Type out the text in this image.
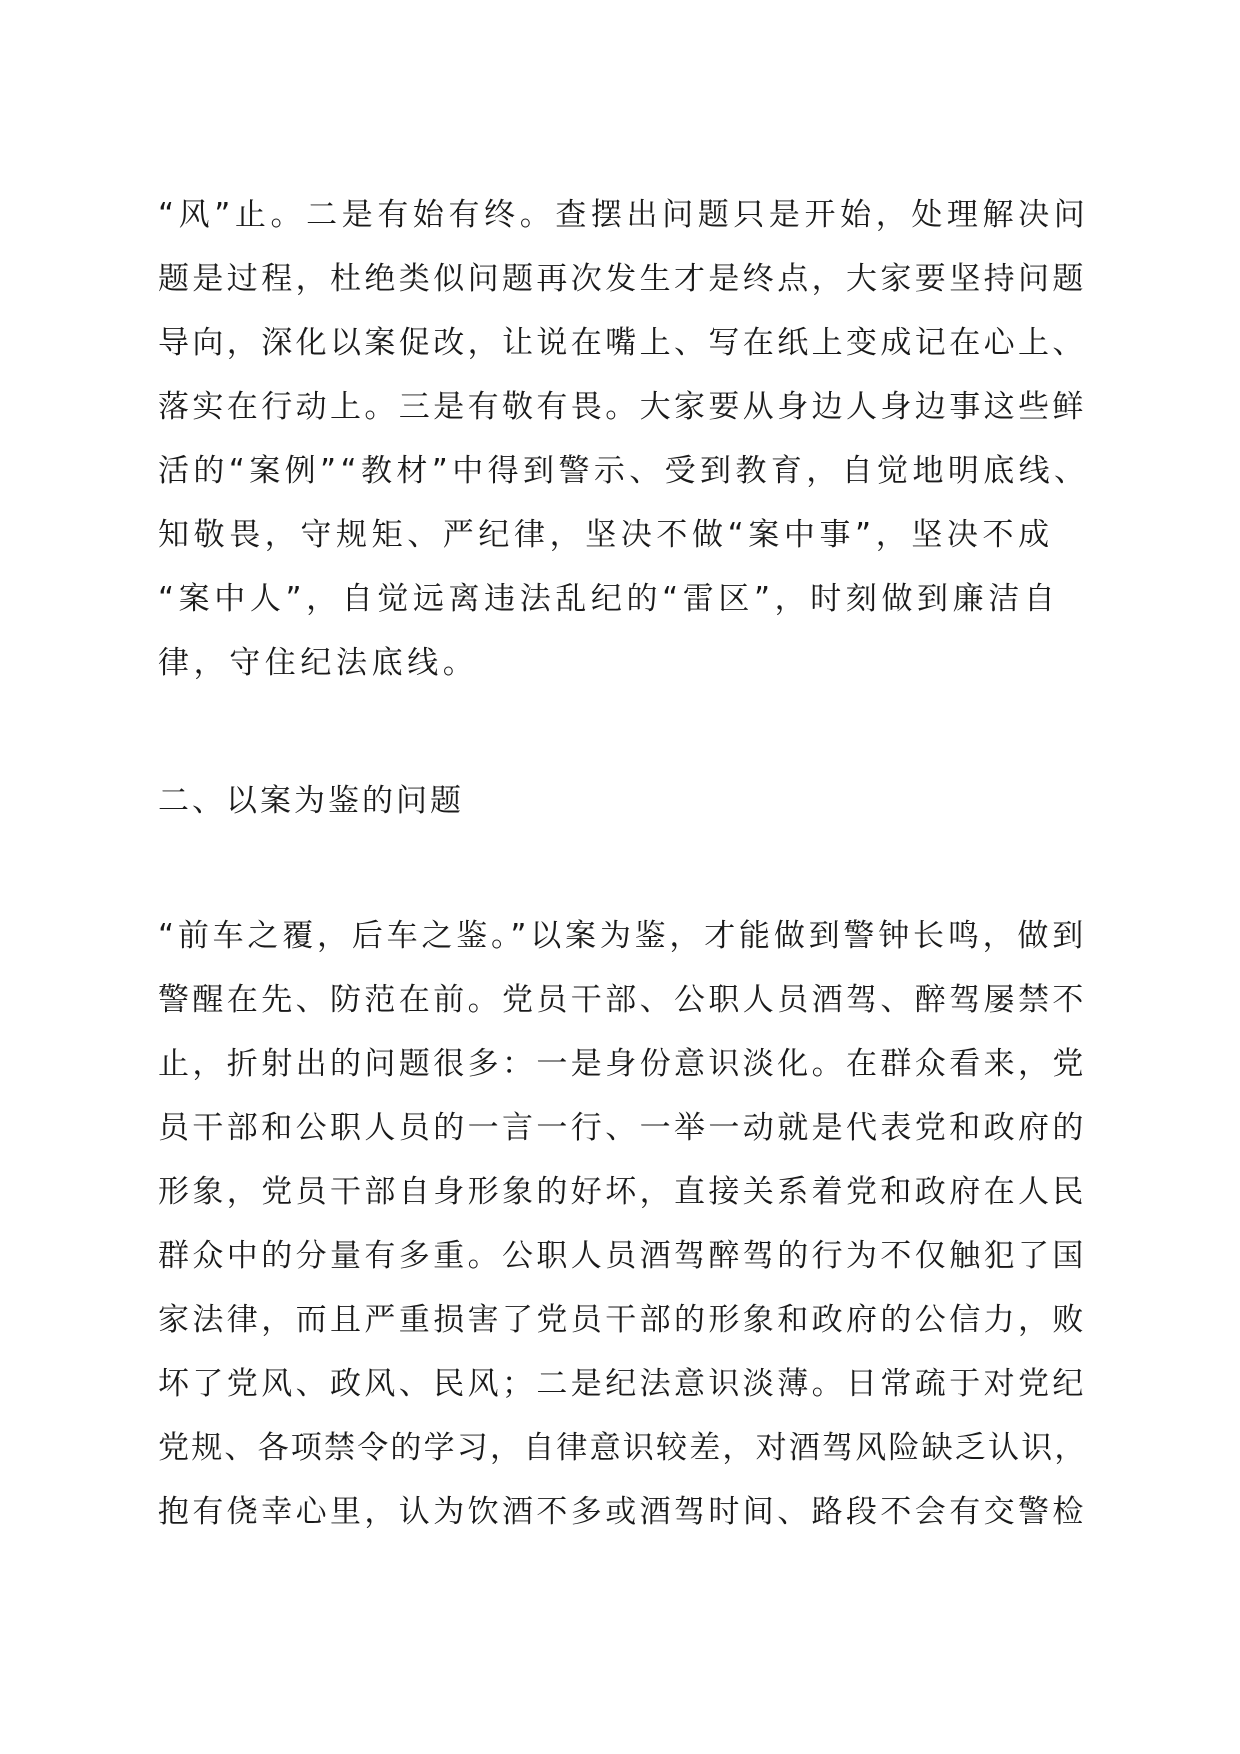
“风”止。二是有始有终。查摆出问题只是开始，处理解决问
题是过程，杜绝类似问题再次发生才是终点，大家要坚持问题
导向，深化以案促改，让说在嘴上、写在纸上变成记在心上、
落实在行动上。三是有敬有畏。大家要从身边人身边事这些鲜
活的“案例”“教材”中得到警示、受到教育，自觉地明底线、
知敬畏，守规矩、严纪律，坚决不做“案中事”，坚决不成
“案中人”，自觉远离违法乱纪的“雷区”，时刻做到廉洁自
律，守住纪法底线。
二、以案为鉴的问题
“前车之覆，后车之鉴。”以案为鉴，才能做到警钟长鸣，做到
警醒在先、防范在前。党员干部、公职人员酒驾、醉驾屡禁不
止，折射出的问题很多：一是身份意识淡化。在群众看来，党
员干部和公职人员的一言一行、一举一动就是代表党和政府的
形象，党员干部自身形象的好坏，直接关系着党和政府在人民
群众中的分量有多重。公职人员酒驾醉驾的行为不仅触犯了国
家法律，而且严重损害了党员干部的形象和政府的公信力，败
坏了党风、政风、民风；二是纪法意识淡薄。日常疏于对党纪
党规、各项禁令的学习，自律意识较差，对酒驾风险缺乏认识，
抱有侥幸心里，认为饮酒不多或酒驾时间、路段不会有交警检
